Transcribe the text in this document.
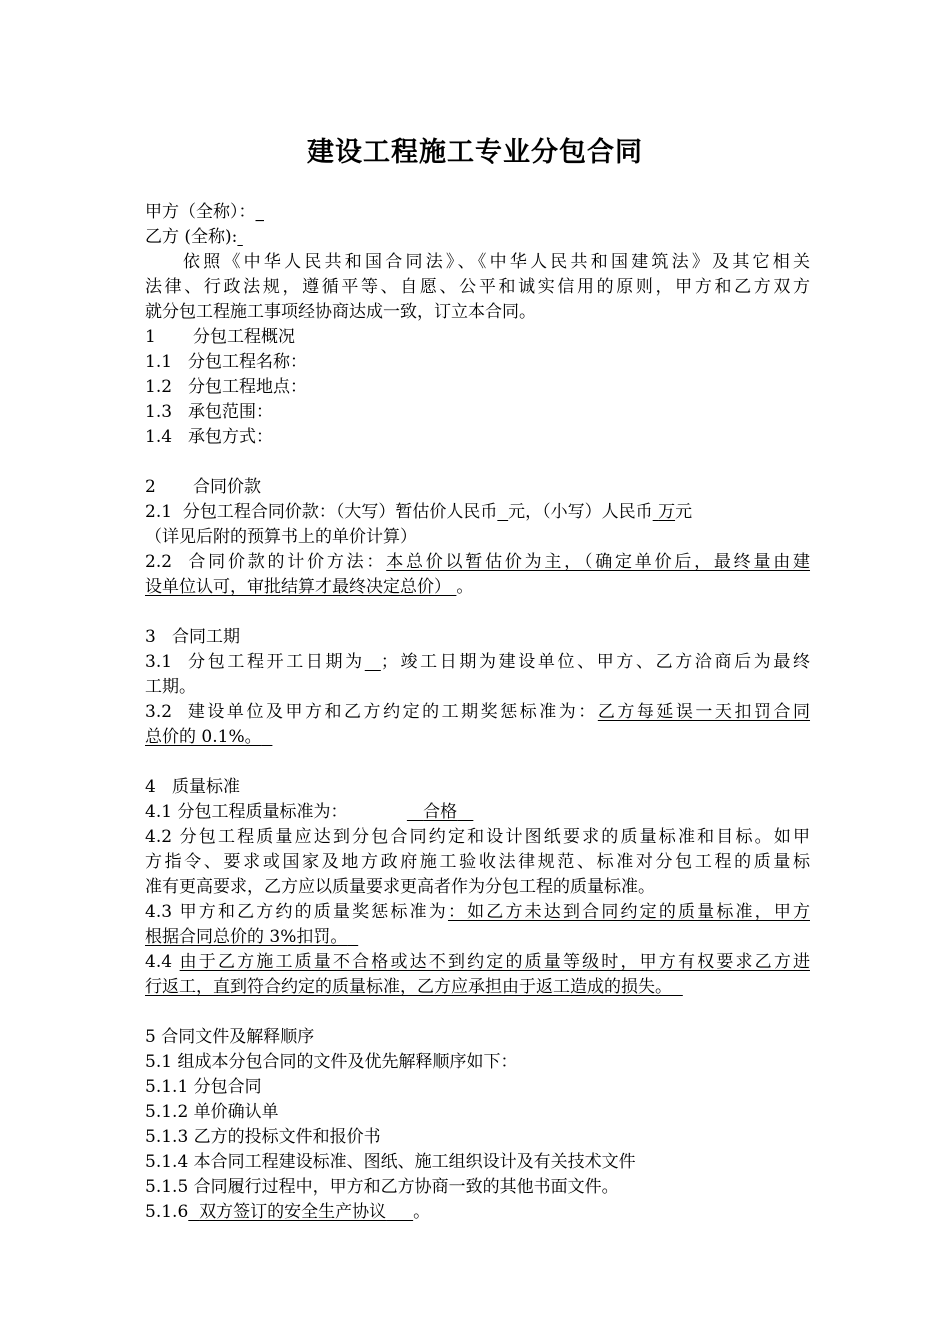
建设工程施工专业分包合同
甲方（全称）：_
乙方 (全称):
依照《中华人民共和国合同法》、《中华人民共和国建筑法》及其它相关
法律、行政法规，遵循平等、自愿、公平和诚实信用的原则，甲方和乙方双方
就分包工程施工事项经协商达成一致，订立本合同。
1 分包工程概况
1.1 分包工程名称：
1.2 分包工程地点：
1.3 承包范围：
1.4 承包方式：
2 合同价款
2.1  分包工程合同价款：（大写）暂估价人民币 元，（小写）人民币 万元
（详见后附的预算书上的单价计算）
2.2  合同价款的计价方法：本总价以暂估价为主，（确定单价后，最终量由建
设单位认可，审批结算才最终决定总价） 。
3   合同工期
3.1  分包工程开工日期为 ；竣工日期为建设单位、甲方、乙方洽商后为最终
工期。
3.2  建设单位及甲方和乙方约定的工期奖惩标准为：乙方每延误一天扣罚合同
总价的 0.1%。
4   质量标准
4.1 分包工程质量标准为：	合格
4.2 分包工程质量应达到分包合同约定和设计图纸要求的质量标准和目标。如甲
方指令、要求或国家及地方政府施工验收法律规范、标准对分包工程的质量标
准有更高要求，乙方应以质量要求更高者作为分包工程的质量标准。
4.3 甲方和乙方约的质量奖惩标准为：如乙方未达到合同约定的质量标准，甲方
根据合同总价的 3%扣罚。
4.4 由于乙方施工质量不合格或达不到约定的质量等级时，甲方有权要求乙方进
行返工，直到符合约定的质量标准，乙方应承担由于返工造成的损失。
5 合同文件及解释顺序
5.1 组成本分包合同的文件及优先解释顺序如下：
5.1.1 分包合同
5.1.2 单价确认单
5.1.3 乙方的投标文件和报价书
5.1.4 本合同工程建设标准、图纸、施工组织设计及有关技术文件
5.1.5 合同履行过程中，甲方和乙方协商一致的其他书面文件。
5.1.6 双方签订的安全生产协议 。
